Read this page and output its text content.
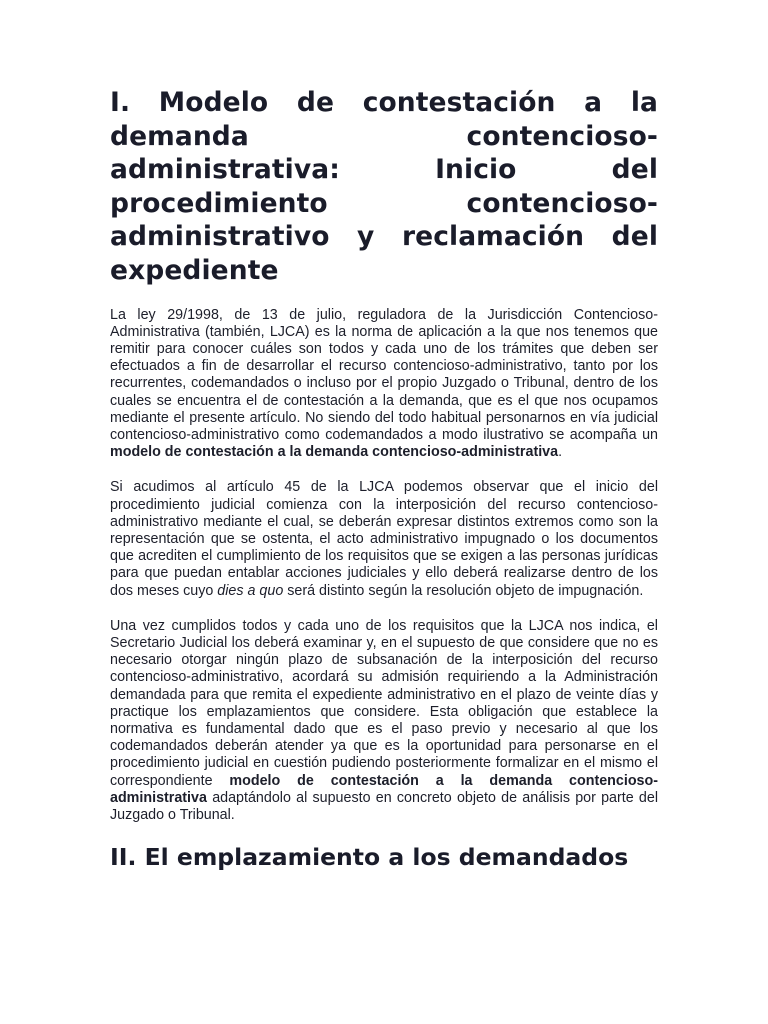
I. Modelo de contestación a la demanda contencioso-administrativa: Inicio del procedimiento contencioso-administrativo y reclamación del expediente

La ley 29/1998, de 13 de julio, reguladora de la Jurisdicción Contencioso-Administrativa (también, LJCA) es la norma de aplicación a la que nos tenemos que remitir para conocer cuáles son todos y cada uno de los trámites que deben ser efectuados a fin de desarrollar el recurso contencioso-administrativo, tanto por los recurrentes, codemandados o incluso por el propio Juzgado o Tribunal, dentro de los cuales se encuentra el de contestación a la demanda, que es el que nos ocupamos mediante el presente artículo. No siendo del todo habitual personarnos en vía judicial contencioso-administrativo como codemandados a modo ilustrativo se acompaña un modelo de contestación a la demanda contencioso-administrativa.

Si acudimos al artículo 45 de la LJCA podemos observar que el inicio del procedimiento judicial comienza con la interposición del recurso contencioso-administrativo mediante el cual, se deberán expresar distintos extremos como son la representación que se ostenta, el acto administrativo impugnado o los documentos que acrediten el cumplimiento de los requisitos que se exigen a las personas jurídicas para que puedan entablar acciones judiciales y ello deberá realizarse dentro de los dos meses cuyo dies a quo será distinto según la resolución objeto de impugnación.

Una vez cumplidos todos y cada uno de los requisitos que la LJCA nos indica, el Secretario Judicial los deberá examinar y, en el supuesto de que considere que no es necesario otorgar ningún plazo de subsanación de la interposición del recurso contencioso-administrativo, acordará su admisión requiriendo a la Administración demandada para que remita el expediente administrativo en el plazo de veinte días y practique los emplazamientos que considere. Esta obligación que establece la normativa es fundamental dado que es el paso previo y necesario al que los codemandados deberán atender ya que es la oportunidad para personarse en el procedimiento judicial en cuestión pudiendo posteriormente formalizar en el mismo el correspondiente modelo de contestación a la demanda contencioso-administrativa adaptándolo al supuesto en concreto objeto de análisis por parte del Juzgado o Tribunal.

II. El emplazamiento a los demandados
